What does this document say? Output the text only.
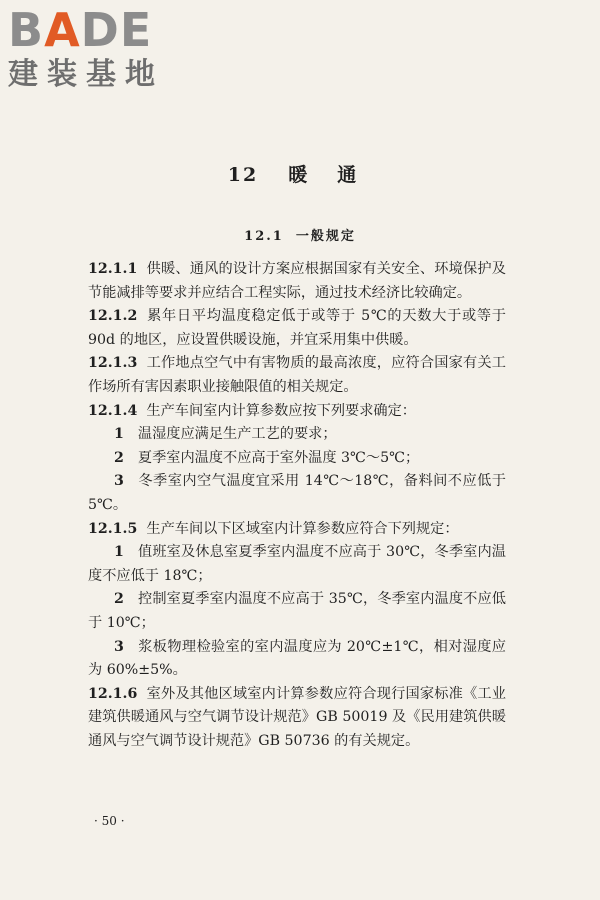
BADE
建装基地
12 暖 通
12.1 一般规定

12.1.1 供暖、通风的设计方案应根据国家有关安全、环境保护及节能减排等要求并应结合工程实际，通过技术经济比较确定。

12.1.2 累年日平均温度稳定低于或等于 5℃的天数大于或等于 90d 的地区，应设置供暖设施，并宜采用集中供暖。

12.1.3 工作地点空气中有害物质的最高浓度，应符合国家有关工作场所有害因素职业接触限值的相关规定。

12.1.4 生产车间室内计算参数应按下列要求确定：

1 温湿度应满足生产工艺的要求；

2 夏季室内温度不应高于室外温度 3℃～5℃；

3 冬季室内空气温度宜采用 14℃～18℃，备料间不应低于 5℃。

12.1.5 生产车间以下区域室内计算参数应符合下列规定：

1 值班室及休息室夏季室内温度不应高于 30℃，冬季室内温度不应低于 18℃；

2 控制室夏季室内温度不应高于 35℃，冬季室内温度不应低于 10℃；

3 浆板物理检验室的室内温度应为 20℃±1℃，相对湿度应为 60%±5%。

12.1.6 室外及其他区域室内计算参数应符合现行国家标准《工业建筑供暖通风与空气调节设计规范》GB 50019 及《民用建筑供暖通风与空气调节设计规范》GB 50736 的有关规定。

· 50 ·
